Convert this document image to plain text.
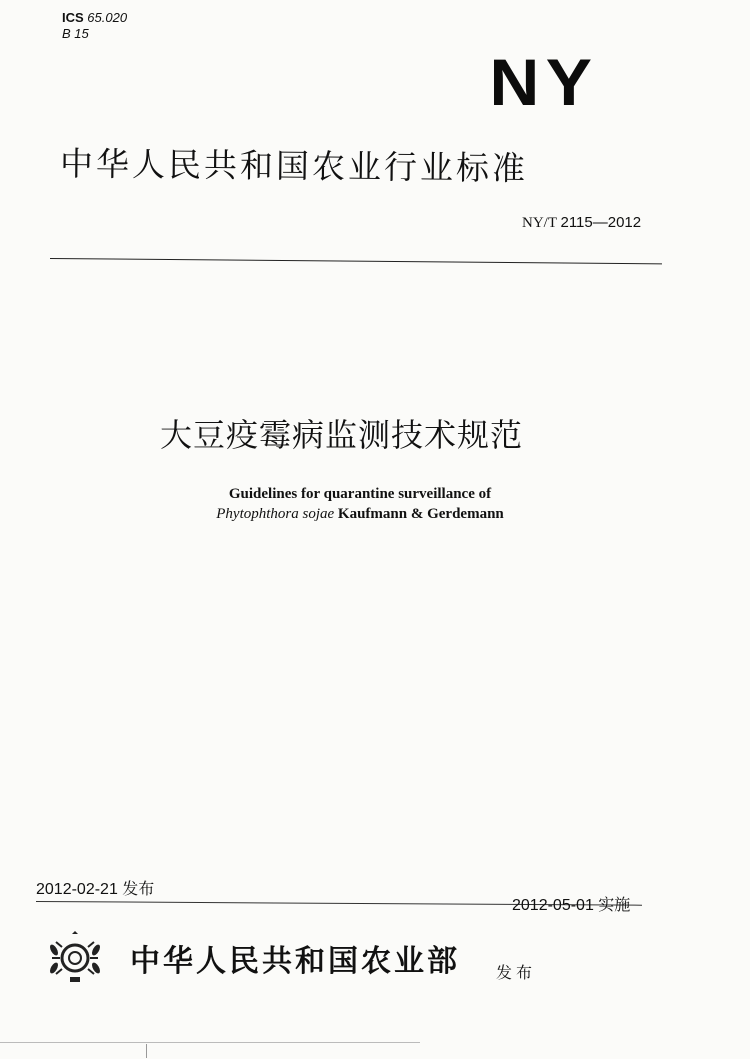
ICS 65.020
B 15
NY
中华人民共和国农业行业标准
NY/T 2115—2012
大豆疫霉病监测技术规范
Guidelines for quarantine surveillance of
Phytophthora sojae Kaufmann & Gerdemann
2012-02-21 发布
2012-05-01 实施
中华人民共和国农业部 发布
